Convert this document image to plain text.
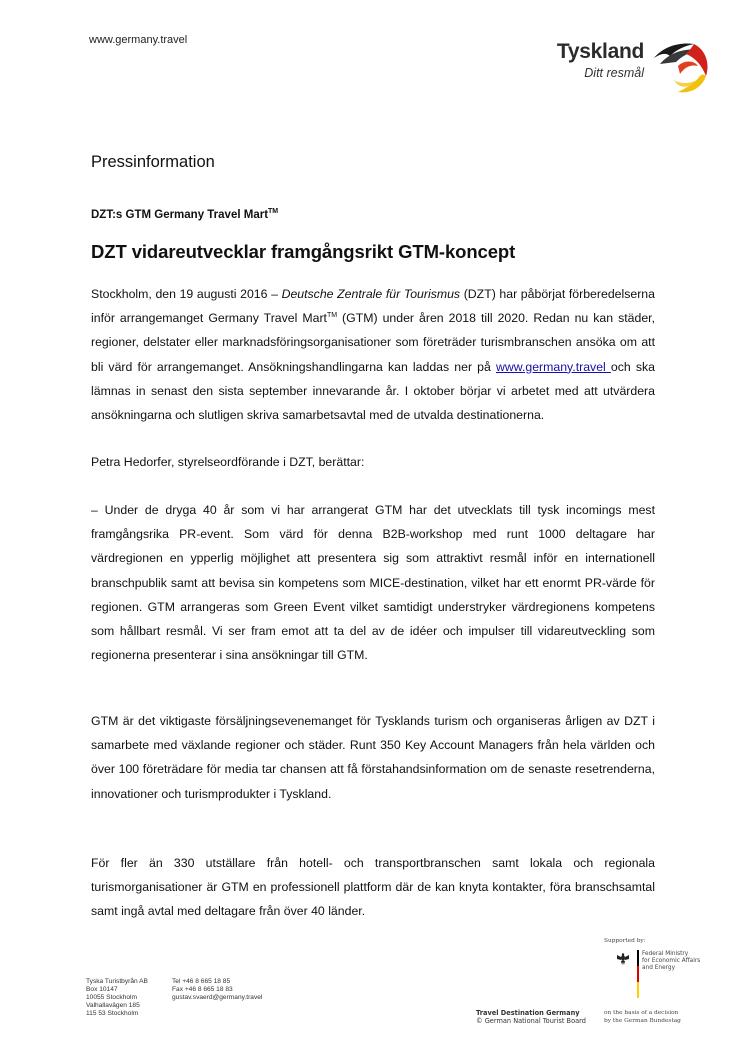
www.germany.travel	Tyskland
Ditt resmål
Pressinformation
DZT:s GTM Germany Travel Mart™
DZT vidareutvecklar framgångsrikt GTM-koncept

Stockholm, den 19 augusti 2016 – Deutsche Zentrale für Tourismus (DZT) har påbörjat förberedelserna inför arrangemanget Germany Travel Mart™ (GTM) under åren 2018 till 2020. Redan nu kan städer, regioner, delstater eller marknadsföringsorganisationer som företräder turismbranschen ansöka om att bli värd för arrangemanget. Ansökningshandlingarna kan laddas ner på www.germany.travel och ska lämnas in senast den sista september innevarande år. I oktober börjar vi arbetet med att utvärdera ansökningarna och slutligen skriva samarbetsavtal med de utvalda destinationerna.

Petra Hedorfer, styrelseordförande i DZT, berättar:

– Under de dryga 40 år som vi har arrangerat GTM har det utvecklats till tysk incomings mest framgångsrika PR-event. Som värd för denna B2B-workshop med runt 1000 deltagare har värdregionen en ypperlig möjlighet att presentera sig som attraktivt resmål inför en internationell branschpublik samt att bevisa sin kompetens som MICE-destination, vilket har ett enormt PR-värde för regionen. GTM arrangeras som Green Event vilket samtidigt understryker värdregionens kompetens som hållbart resmål. Vi ser fram emot att ta del av de idéer och impulser till vidareutveckling som regionerna presenterar i sina ansökningar till GTM.

GTM är det viktigaste försäljningsevenemanget för Tysklands turism och organiseras årligen av DZT i samarbete med växlande regioner och städer. Runt 350 Key Account Managers från hela världen och över 100 företrädare för media tar chansen att få förstahandsinformation om de senaste resetrenderna, innovationer och turismprodukter i Tyskland.

För fler än 330 utställare från hotell- och transportbranschen samt lokala och regionala turismorganisationer är GTM en professionell plattform där de kan knyta kontakter, föra branschsamtal samt ingå avtal med deltagare från över 40 länder.

Tyska Turistbyrån AB
Box 10147
10055 Stockholm
Valhallavägen 185
115 53 Stockholm
Tel +46 8 665 18 85
Fax +46 8 665 18 83
gustav.svaerd@germany.travel
Travel Destination Germany
© German National Tourist Board
Supported by:
Federal Ministry
for Economic Affairs
and Energy
on the basis of a decision
by the German Bundestag
